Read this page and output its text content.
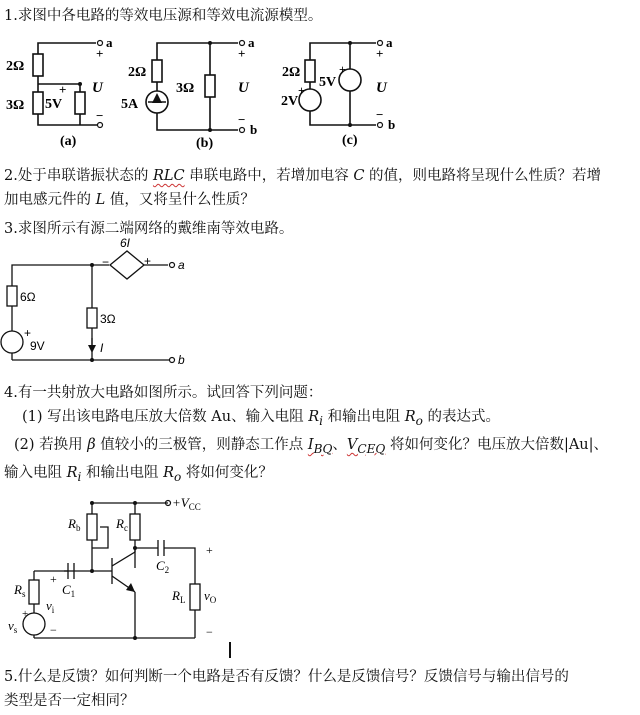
1.求图中各电路的等效电压源和等效电流源模型。
2Ω
3Ω 5V
+
+
−
U
a
(a)
2Ω
3Ω
5A
+
−
U
a
b
(b)
2Ω
2V
5V
+
+
+
−
U
a
b
(c)
2.处于串联谐振状态的 RLC 串联电路中，若增加电容 C 的值，则电路将呈现什么性质？若增
加电感元件的 L 值，又将呈什么性质？
3.求图所示有源二端网络的戴维南等效电路。
6I
−	+
6Ω
3Ω
+
9V	I
a
b
4.有一共射放大电路如图所示。试回答下列问题：
(1) 写出该电路电压放大倍数 Au、输入电阻 $R_i$ 和输出电阻 $R_o$ 的表达式。
(2) 若换用 β 值较小的三极管，则静态工作点 $I_{BQ}$、$V_{CEQ}$ 将如何变化？电压放大倍数|Au|、
输入电阻 $R_i$ 和输出电阻 $R_o$ 将如何变化？
$+V_{CC}$
$R_b$	$R_c$
$C_2$
$C_1$
$R_s$
$v_i$
$v_s$
$R_L$ $v_O$
+
−
+
−
+
5.什么是反馈？如何判断一个电路是否有反馈？什么是反馈信号？反馈信号与输出信号的
类型是否一定相同？
